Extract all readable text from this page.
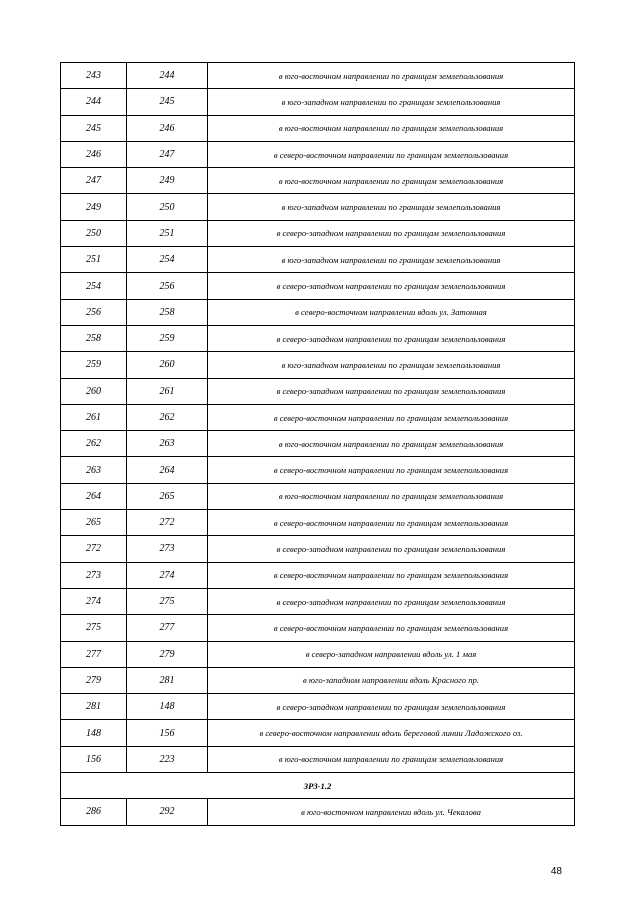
243	244	в юго-восточном направлении по границам землепользования
244	245	в юго-западном направлении по границам землепользования
245	246	в юго-восточном направлении по границам землепользования
246	247	в северо-восточном направлении по границам землепользования
247	249	в юго-восточном направлении по границам землепользования
249	250	в юго-западном направлении по границам землепользования
250	251	в северо-западном направлении по границам землепользования
251	254	в юго-западном направлении по границам землепользования
254	256	в северо-западном направлении по границам землепользования
256	258	в северо-восточном направлении вдоль ул. Затонная
258	259	в северо-западном направлении по границам землепользования
259	260	в юго-западном направлении по границам землепользования
260	261	в северо-западном направлении по границам землепользования
261	262	в северо-восточном направлении по границам землепользования
262	263	в юго-восточном направлении по границам землепользования
263	264	в северо-восточном направлении по границам землепользования
264	265	в юго-восточном направлении по границам землепользования
265	272	в северо-восточном направлении по границам землепользования
272	273	в северо-западном направлении по границам землепользования
273	274	в северо-восточном направлении по границам землепользования
274	275	в северо-западном направлении по границам землепользования
275	277	в северо-восточном направлении по границам землепользования
277	279	в северо-западном направлении вдоль ул. 1 мая
279	281	в юго-западном направлении вдоль Красного пр.
281	148	в северо-западном направлении по границам землепользования
148	156	в северо-восточном направлении вдоль береговой линии Ладожского оз.
156	223	в юго-восточном направлении по границам землепользования
ЗР3-1.2		
286	292	в юго-восточном направлении вдоль ул. Чекалова
48
